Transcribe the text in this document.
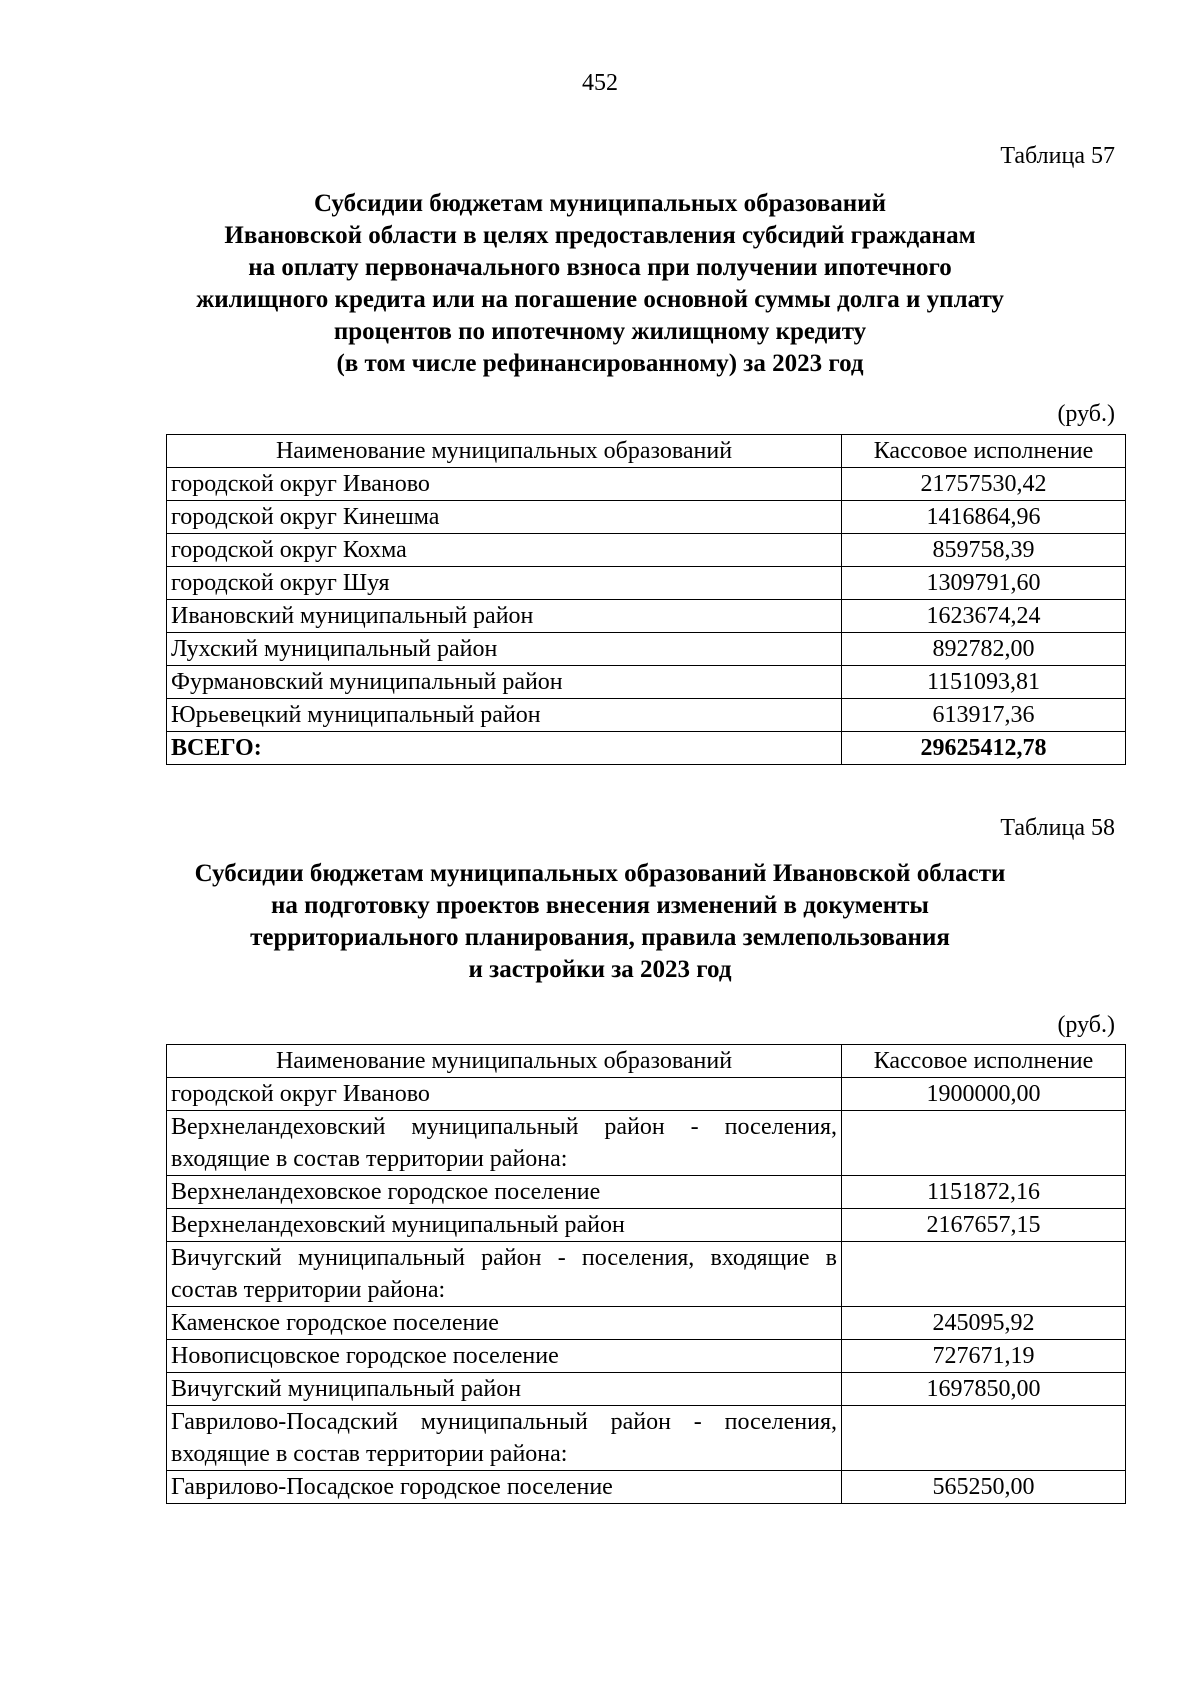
452
Таблица 57
Субсидии бюджетам муниципальных образований
Ивановской области в целях предоставления субсидий гражданам
на оплату первоначального взноса при получении ипотечного
жилищного кредита или на погашение основной суммы долга и уплату
процентов по ипотечному жилищному кредиту
(в том числе рефинансированному) за 2023 год
(руб.)
Наименование муниципальных образований	Кассовое исполнение
городской округ Иваново	21757530,42
городской округ Кинешма	1416864,96
городской округ Кохма	859758,39
городской округ Шуя	1309791,60
Ивановский муниципальный район	1623674,24
Лухский муниципальный район	892782,00
Фурмановский муниципальный район	1151093,81
Юрьевецкий муниципальный район	613917,36
ВСЕГО:	29625412,78
Таблица 58
Субсидии бюджетам муниципальных образований Ивановской области
на подготовку проектов внесения изменений в документы
территориального планирования, правила землепользования
и застройки за 2023 год
(руб.)
Наименование муниципальных образований	Кассовое исполнение
городской округ Иваново	1900000,00
Верхнеландеховский муниципальный район - поселения, входящие в состав территории района:	
Верхнеландеховское городское поселение	1151872,16
Верхнеландеховский муниципальный район	2167657,15
Вичугский муниципальный район - поселения, входящие в состав территории района:	
Каменское городское поселение	245095,92
Новописцовское городское поселение	727671,19
Вичугский муниципальный район	1697850,00
Гаврилово-Посадский муниципальный район - поселения, входящие в состав территории района:	
Гаврилово-Посадское городское поселение	565250,00
